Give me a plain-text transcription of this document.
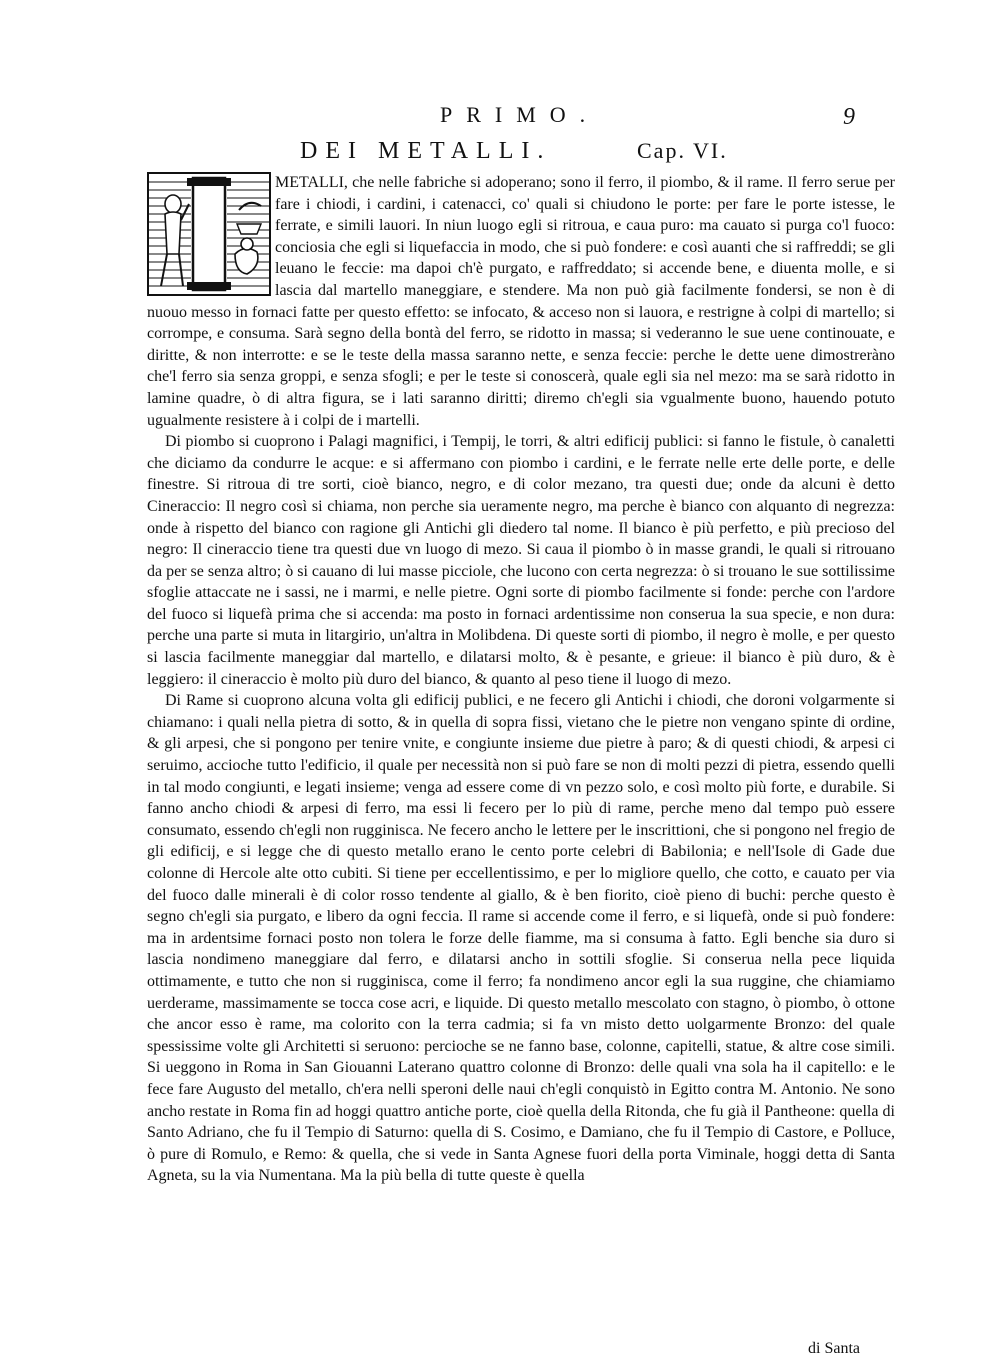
PRIMO.	9
DEI METALLI.	Cap. VI.

METALLI, che nelle fabriche si adoperano; sono il ferro, il piombo, & il rame. Il ferro serue per fare i chiodi, i cardini, i catenacci, co' quali si chiudono le porte: per fare le porte istesse, le ferrate, e simili lauori. In niun luogo egli si ritroua, e caua puro: ma cauato si purga co'l fuoco: conciosia che egli si liquefaccia in modo, che si può fondere: e così auanti che si raffreddi; se gli leuano le feccie: ma dapoi ch'è purgato, e raffreddato; si accende bene, e diuenta molle, e si lascia dal martello maneggiare, e stendere. Ma non può già facilmente fondersi, se non è di nuouo messo in fornaci fatte per questo effetto: se infocato, & acceso non si lauora, e restrigne à colpi di martello; si corrompe, e consuma. Sarà segno della bontà del ferro, se ridotto in massa; si vederanno le sue uene continouate, e diritte, & non interrotte: e se le teste della massa saranno nette, e senza feccie: perche le dette uene dimostreràno che'l ferro sia senza groppi, e senza sfogli; e per le teste si conoscerà, quale egli sia nel mezo: ma se sarà ridotto in lamine quadre, ò di altra figura, se i lati saranno diritti; diremo ch'egli sia vgualmente buono, hauendo potuto ugualmente resistere à i colpi de i martelli.

Di piombo si cuoprono i Palagi magnifici, i Tempij, le torri, & altri edificij publici: si fanno le fistule, ò canaletti che diciamo da condurre le acque: e si affermano con piombo i cardini, e le ferrate nelle erte delle porte, e delle finestre. Si ritroua di tre sorti, cioè bianco, negro, e di color mezano, tra questi due; onde da alcuni è detto Cineraccio: Il negro così si chiama, non perche sia ueramente negro, ma perche è bianco con alquanto di negrezza: onde à rispetto del bianco con ragione gli Antichi gli diedero tal nome. Il bianco è più perfetto, e più precioso del negro: Il cineraccio tiene tra questi due vn luogo di mezo. Si caua il piombo ò in masse grandi, le quali si ritrouano da per se senza altro; ò si cauano di lui masse picciole, che lucono con certa negrezza: ò si trouano le sue sottilissime sfoglie attaccate ne i sassi, ne i marmi, e nelle pietre. Ogni sorte di piombo facilmente si fonde: perche con l'ardore del fuoco si liquefà prima che si accenda: ma posto in fornaci ardentissime non conserua la sua specie, e non dura: perche una parte si muta in litargirio, un'altra in Molibdena. Di queste sorti di piombo, il negro è molle, e per questo si lascia facilmente maneggiar dal martello, e dilatarsi molto, & è pesante, e grieue: il bianco è più duro, & è leggiero: il cineraccio è molto più duro del bianco, & quanto al peso tiene il luogo di mezo.

Di Rame si cuoprono alcuna volta gli edificij publici, e ne fecero gli Antichi i chiodi, che doroni volgarmente si chiamano: i quali nella pietra di sotto, & in quella di sopra fissi, vietano che le pietre non vengano spinte di ordine, & gli arpesi, che si pongono per tenire vnite, e congiunte insieme due pietre à paro; & di questi chiodi, & arpesi ci seruimo, accioche tutto l'edificio, il quale per necessità non si può fare se non di molti pezzi di pietra, essendo quelli in tal modo congiunti, e legati insieme; venga ad essere come di vn pezzo solo, e così molto più forte, e durabile. Si fanno ancho chiodi & arpesi di ferro, ma essi li fecero per lo più di rame, perche meno dal tempo può essere consumato, essendo ch'egli non rugginisca. Ne fecero ancho le lettere per le inscrittioni, che si pongono nel fregio de gli edificij, e si legge che di questo metallo erano le cento porte celebri di Babilonia; e nell'Isole di Gade due colonne di Hercole alte otto cubiti. Si tiene per eccellentissimo, e per lo migliore quello, che cotto, e cauato per via del fuoco dalle minerali è di color rosso tendente al giallo, & è ben fiorito, cioè pieno di buchi: perche questo è segno ch'egli sia purgato, e libero da ogni feccia. Il rame si accende come il ferro, e si liquefà, onde si può fondere: ma in ardentsime fornaci posto non tolera le forze delle fiamme, ma si consuma à fatto. Egli benche sia duro si lascia nondimeno maneggiare dal ferro, e dilatarsi ancho in sottili sfoglie. Si conserua nella pece liquida ottimamente, e tutto che non si rugginisca, come il ferro; fa nondimeno ancor egli la sua ruggine, che chiamiamo uerderame, massimamente se tocca cose acri, e liquide. Di questo metallo mescolato con stagno, ò piombo, ò ottone che ancor esso è rame, ma colorito con la terra cadmia; si fa vn misto detto uolgarmente Bronzo: del quale spessissime volte gli Architetti si seruono: percioche se ne fanno base, colonne, capitelli, statue, & altre cose simili. Si ueggono in Roma in San Giouanni Laterano quattro colonne di Bronzo: delle quali vna sola ha il capitello: e le fece fare Augusto del metallo, ch'era nelli speroni delle naui ch'egli conquistò in Egitto contra M. Antonio. Ne sono ancho restate in Roma fin ad hoggi quattro antiche porte, cioè quella della Ritonda, che fu già il Pantheone: quella di Santo Adriano, che fu il Tempio di Saturno: quella di S. Cosimo, e Damiano, che fu il Tempio di Castore, e Polluce, ò pure di Romulo, e Remo: & quella, che si vede in Santa Agnese fuori della porta Viminale, hoggi detta di Santa Agneta, su la via Numentana. Ma la più bella di tutte queste è quella

di Santa
